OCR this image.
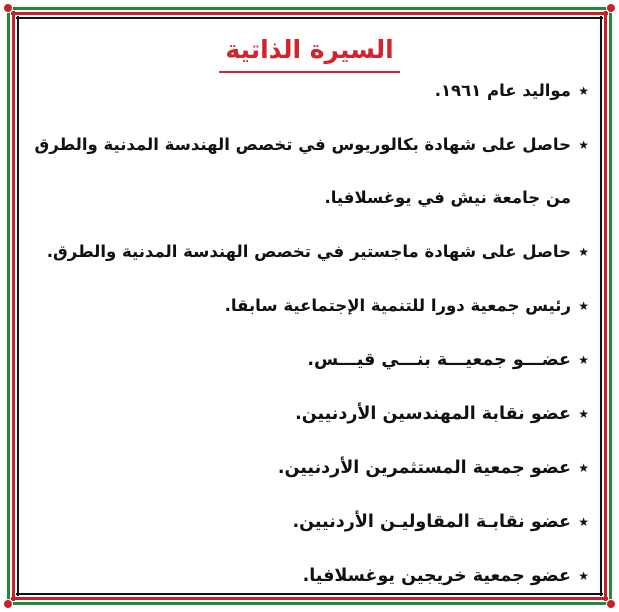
السيرة الذاتية
★
مواليد عام ١٩٦١.
★
حاصل على شهادة بكالوريوس في تخصص الهندسة المدنية والطرق
من جامعة نيش في يوغسلافيا.
★
حاصل على شهادة ماجستير في تخصص الهندسة المدنية والطرق.
★
رئيس جمعية دورا للتنمية الإجتماعية سابقا.
★
عضـــو جمعيـــة بنـــي قيـــس.
★
عضو نقابة المهندسين الأردنيين.
★
عضو جمعية المستثمرين الأردنيين.
★
عضو نقابـة المقاوليـن الأردنيين.
★
عضو جمعية خريجين يوغسلافيا.
